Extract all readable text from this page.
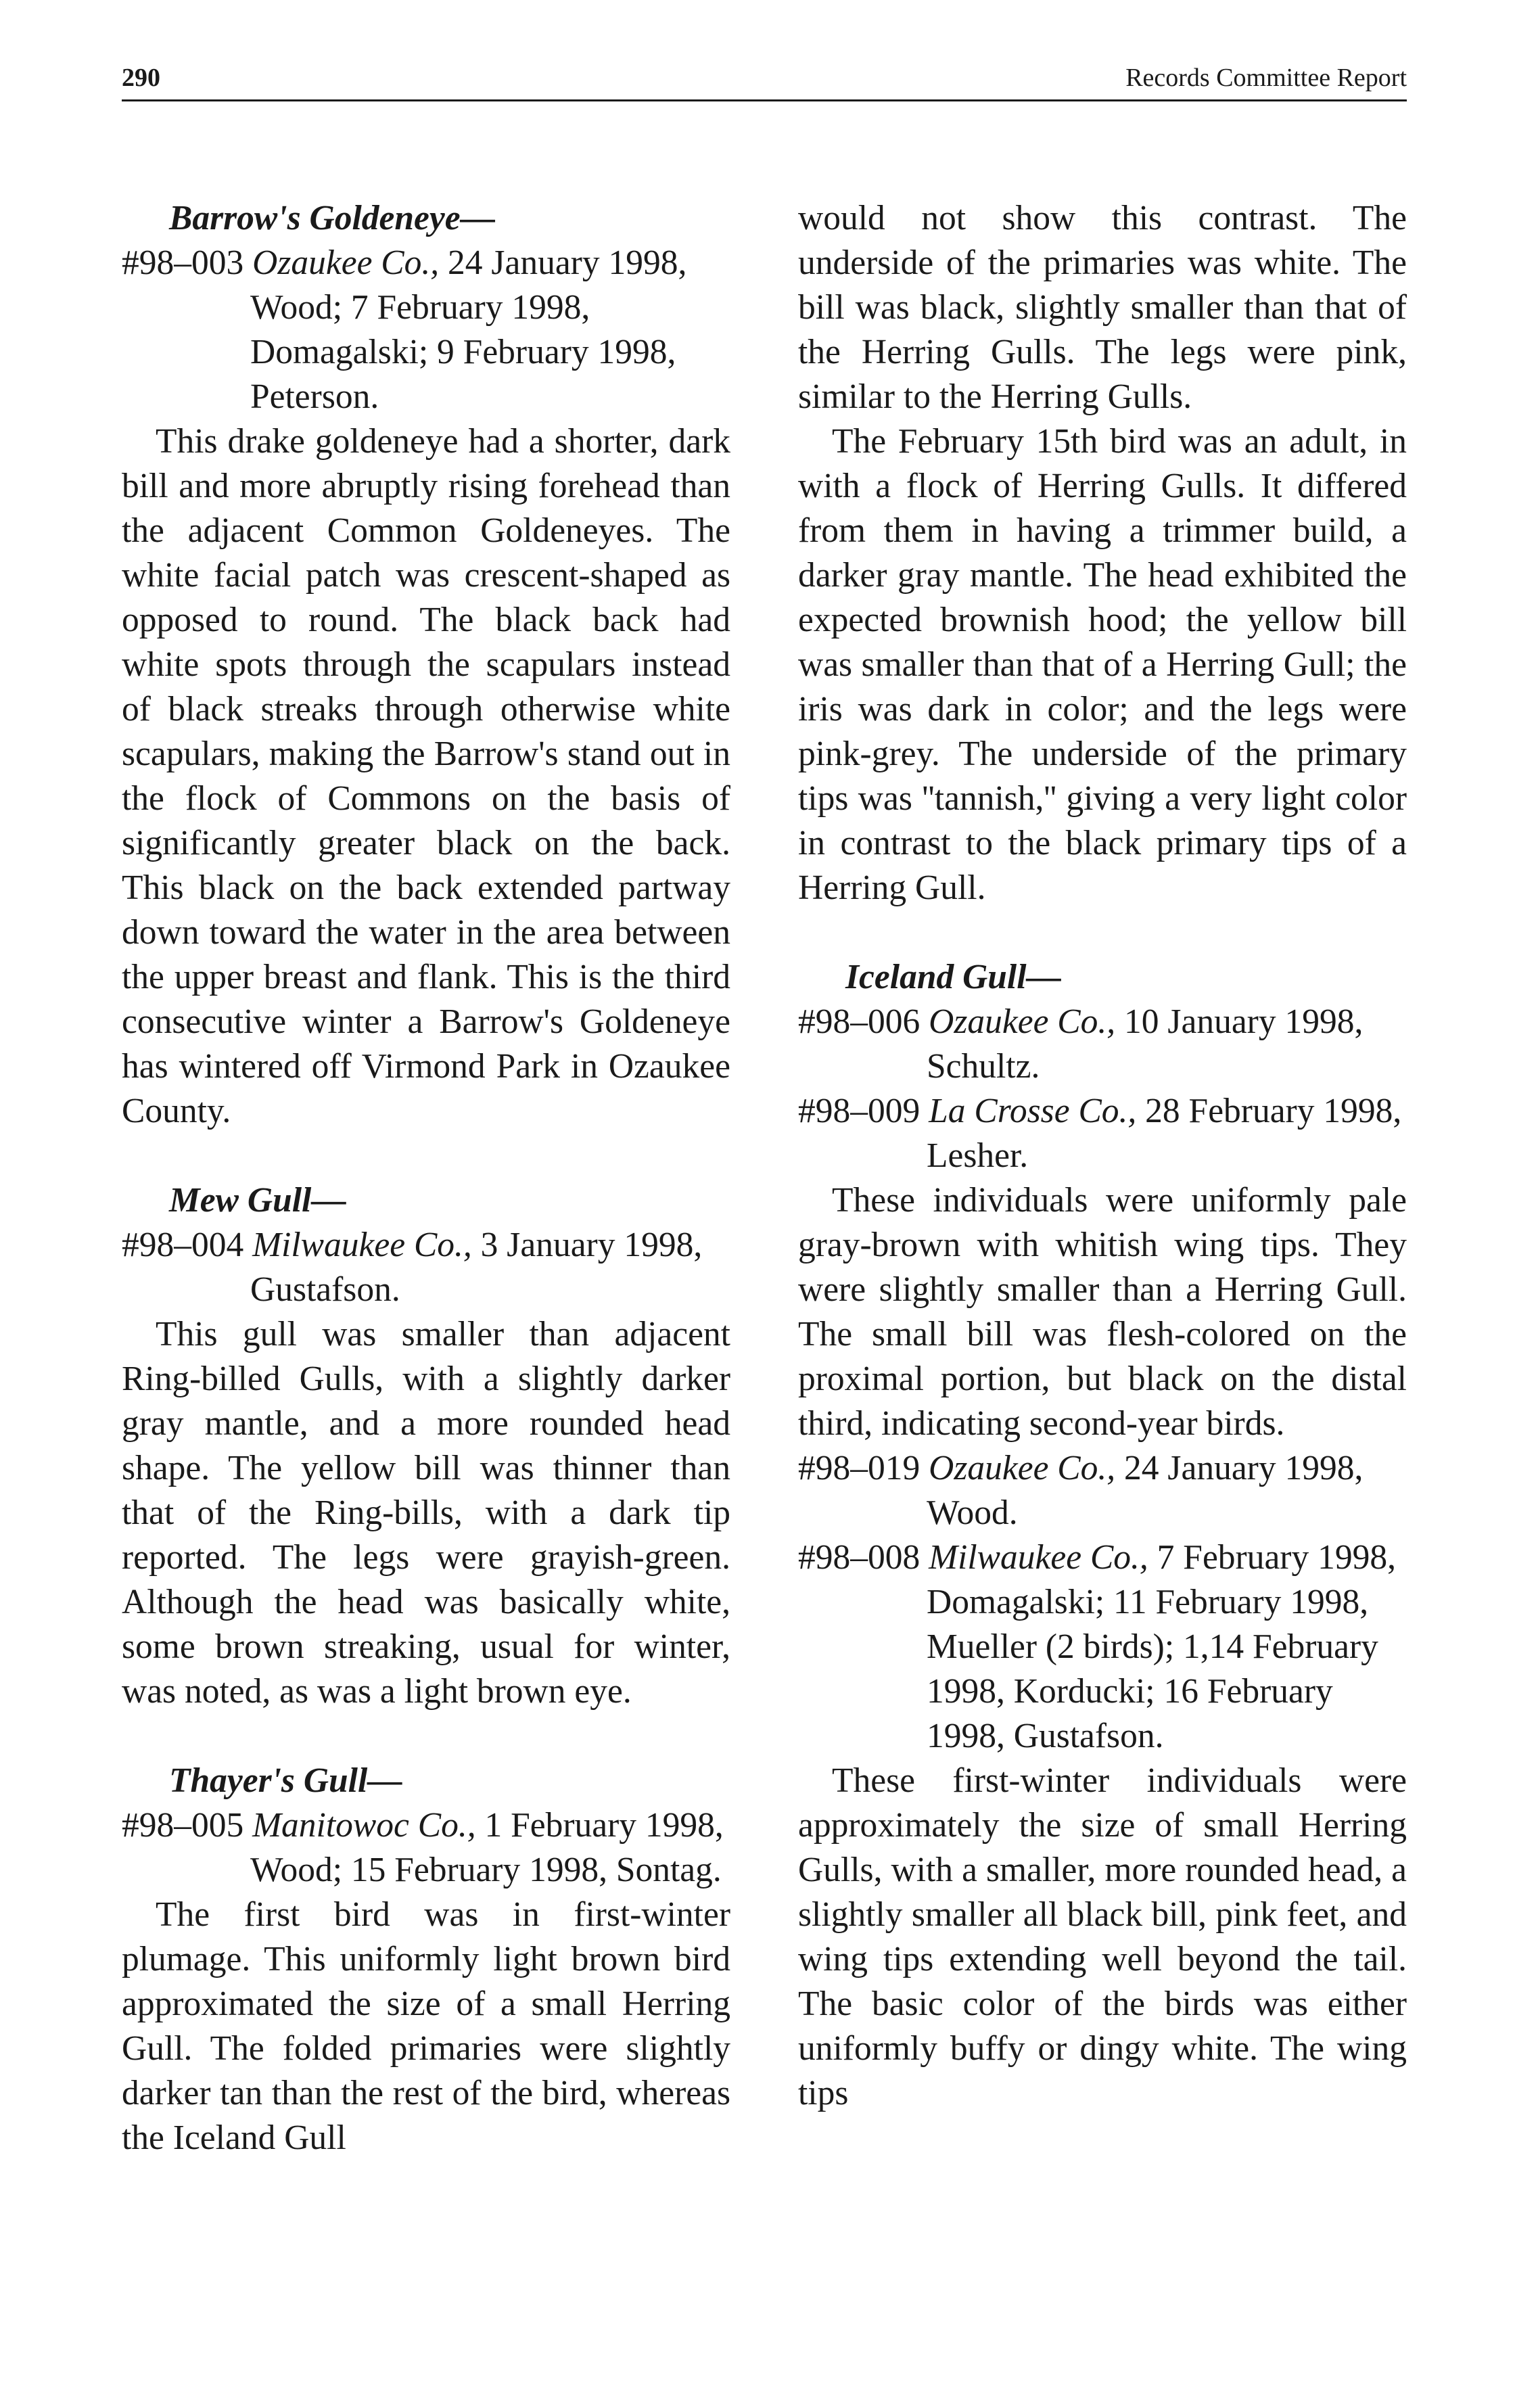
290	Records Committee Report

Barrow's Goldeneye—

#98–003 Ozaukee Co., 24 January 1998, Wood; 7 February 1998, Domagalski; 9 February 1998, Peterson.

This drake goldeneye had a shorter, dark bill and more abruptly rising forehead than the adjacent Common Goldeneyes. The white facial patch was crescent-shaped as opposed to round. The black back had white spots through the scapulars instead of black streaks through otherwise white scapulars, making the Barrow's stand out in the flock of Commons on the basis of significantly greater black on the back. This black on the back extended partway down toward the water in the area between the upper breast and flank. This is the third consecutive winter a Barrow's Goldeneye has wintered off Virmond Park in Ozaukee County.

Mew Gull—

#98–004 Milwaukee Co., 3 January 1998, Gustafson.

This gull was smaller than adjacent Ring-billed Gulls, with a slightly darker gray mantle, and a more rounded head shape. The yellow bill was thinner than that of the Ring-bills, with a dark tip reported. The legs were grayish-green. Although the head was basically white, some brown streaking, usual for winter, was noted, as was a light brown eye.

Thayer's Gull—

#98–005 Manitowoc Co., 1 February 1998, Wood; 15 February 1998, Sontag.

The first bird was in first-winter plumage. This uniformly light brown bird approximated the size of a small Herring Gull. The folded primaries were slightly darker tan than the rest of the bird, whereas the Iceland Gull

would not show this contrast. The underside of the primaries was white. The bill was black, slightly smaller than that of the Herring Gulls. The legs were pink, similar to the Herring Gulls.

The February 15th bird was an adult, in with a flock of Herring Gulls. It differed from them in having a trimmer build, a darker gray mantle. The head exhibited the expected brownish hood; the yellow bill was smaller than that of a Herring Gull; the iris was dark in color; and the legs were pink-grey. The underside of the primary tips was ''tannish,'' giving a very light color in contrast to the black primary tips of a Herring Gull.

Iceland Gull—

#98–006 Ozaukee Co., 10 January 1998, Schultz.

#98–009 La Crosse Co., 28 February 1998, Lesher.

These individuals were uniformly pale gray-brown with whitish wing tips. They were slightly smaller than a Herring Gull. The small bill was flesh-colored on the proximal portion, but black on the distal third, indicating second-year birds.

#98–019 Ozaukee Co., 24 January 1998, Wood.

#98–008 Milwaukee Co., 7 February 1998, Domagalski; 11 February 1998, Mueller (2 birds); 1,14 February 1998, Korducki; 16 February 1998, Gustafson.

These first-winter individuals were approximately the size of small Herring Gulls, with a smaller, more rounded head, a slightly smaller all black bill, pink feet, and wing tips extending well beyond the tail. The basic color of the birds was either uniformly buffy or dingy white. The wing tips
